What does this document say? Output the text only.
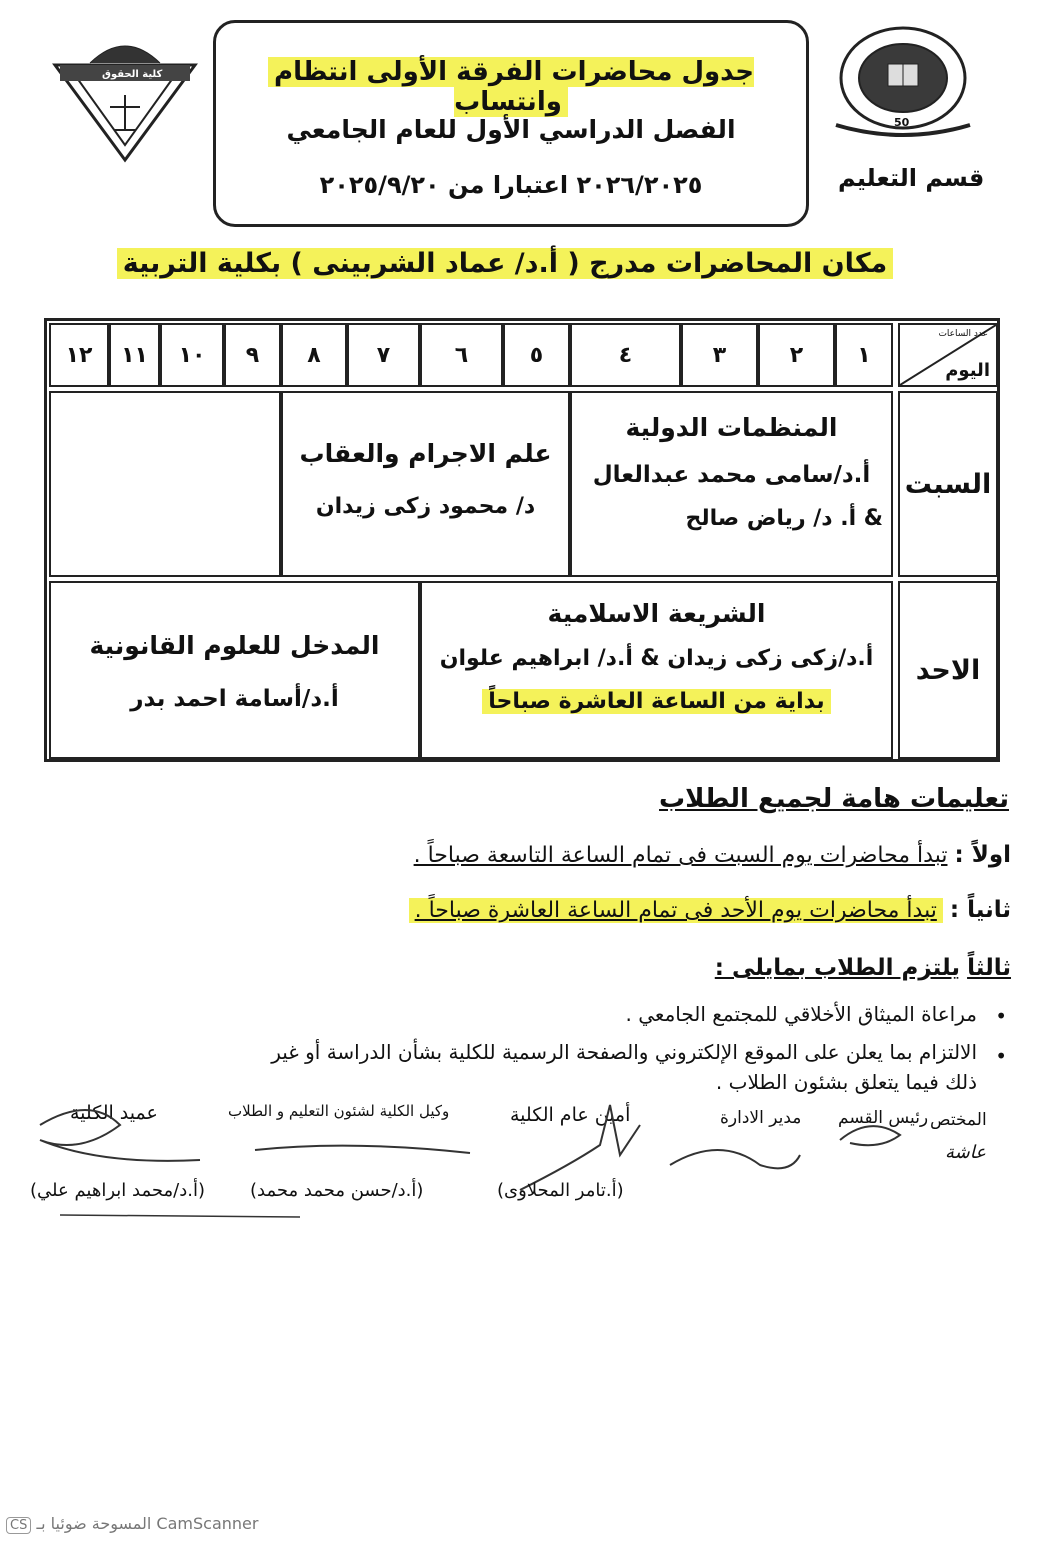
كلية الحقوق	جدول محاضرات الفرقة الأولى انتظام وانتساب
الفصل الدراسي الأول للعام الجامعي
٢٠٢٦/٢٠٢٥ اعتبارا من ٢٠٢٥/٩/٢٠
50
قسم التعليم
مكان المحاضرات مدرج ( أ.د/ عماد الشربينى ) بكلية التربية
عدد الساعات
اليوم
١
٢
٣
٤
٥
٦
٧
٨
٩
١٠
١١
١٢
السبت
المنظمات الدولية
أ.د/سامى محمد عبدالعال
& أ. د/ رياض صالح
علم الاجرام والعقاب
د/ محمود زكى زيدان
الاحد
الشريعة الاسلامية
أ.د/زكى زكى زيدان & أ.د/ ابراهيم علوان
بداية من الساعة العاشرة صباحاً
المدخل للعلوم القانونية
أ.د/أسامة احمد بدر
تعليمات هامة لجميع الطلاب
اولاً : تبدأ محاضرات يوم السبت فى تمام الساعة التاسعة صباحاً .
ثانياً : تبدأ محاضرات يوم الأحد فى تمام الساعة العاشرة صباحاً .
ثالثاً يلتزم الطلاب بمايلى :
•
مراعاة الميثاق الأخلاقي للمجتمع الجامعي .
•
الالتزام بما يعلن على الموقع الإلكتروني والصفحة الرسمية للكلية بشأن الدراسة أو غير
ذلك فيما يتعلق بشئون الطلاب .
المختص
عاشة
رئيس القسم
مدير الادارة
أمين عام الكلية
وكيل الكلية لشئون التعليم و الطلاب
عميد الكلية
(أ.تامر المحلاوى)
(أ.د/حسن محمد محمد)
(أ.د/محمد ابراهيم علي)
CS المسوحة ضوئيا بـ CamScanner
